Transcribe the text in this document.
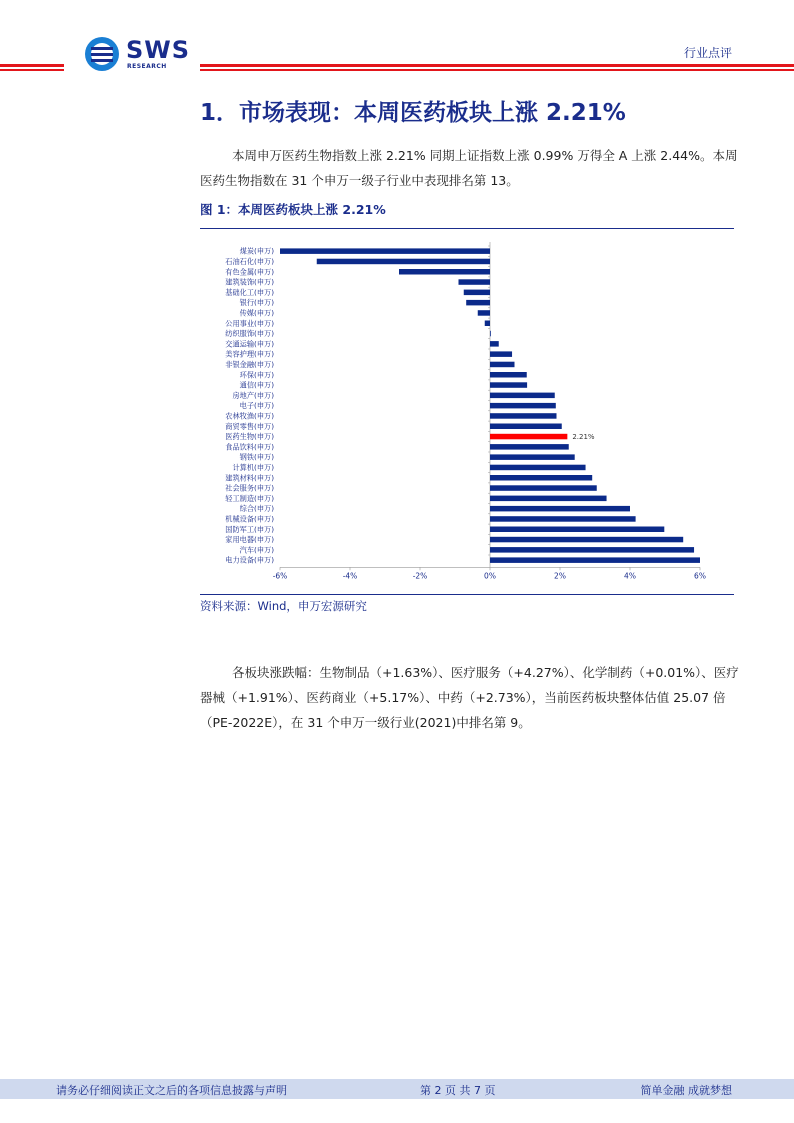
SWS
RESEARCH
行业点评
1．市场表现：本周医药板块上涨 2.21%
本周申万医药生物指数上涨 2.21% 同期上证指数上涨 0.99% 万得全 A 上涨 2.44%。本周医药生物指数在 31 个申万一级子行业中表现排名第 13。
图 1：本周医药板块上涨 2.21%
煤炭(申万)
石油石化(申万)
有色金属(申万)
建筑装饰(申万)
基础化工(申万)
银行(申万)
传媒(申万)
公用事业(申万)
纺织服饰(申万)
交通运输(申万)
美容护理(申万)
非银金融(申万)
环保(申万)
通信(申万)
房地产(申万)
电子(申万)
农林牧渔(申万)
商贸零售(申万)
医药生物(申万)
食品饮料(申万)
钢铁(申万)
计算机(申万)
建筑材料(申万)
社会服务(申万)
轻工制造(申万)
综合(申万)
机械设备(申万)
国防军工(申万)
家用电器(申万)
汽车(申万)
电力设备(申万)
2.21%
-6%	-4%	-2%	0%	2%	4%	6%
资料来源：Wind，申万宏源研究
各板块涨跌幅：生物制品（+1.63%）、医疗服务（+4.27%）、化学制药（+0.01%）、医疗器械（+1.91%）、医药商业（+5.17%）、中药（+2.73%），当前医药板块整体估值 25.07 倍（PE-2022E），在 31 个申万一级行业(2021)中排名第 9。
请务必仔细阅读正文之后的各项信息披露与声明	第 2 页 共 7 页	简单金融 成就梦想
